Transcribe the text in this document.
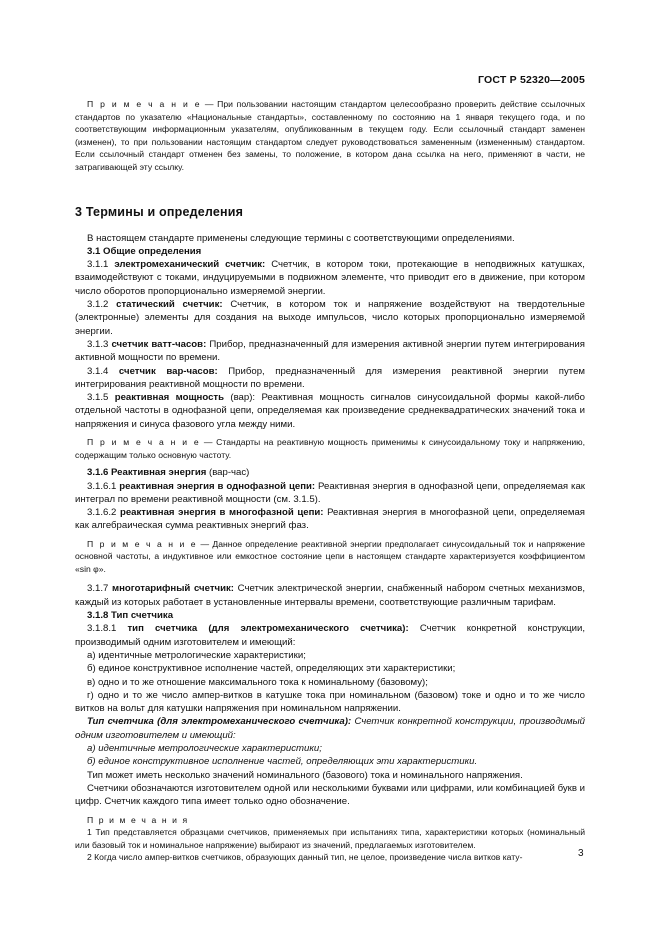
ГОСТ Р 52320—2005

П р и м е ч а н и е — При пользовании настоящим стандартом целесообразно проверить действие ссылочных стандартов по указателю «Национальные стандарты», составленному по состоянию на 1 января текущего года, и по соответствующим информационным указателям, опубликованным в текущем году. Если ссылочный стандарт заменен (изменен), то при пользовании настоящим стандартом следует руководствоваться замененным (измененным) стандартом. Если ссылочный стандарт отменен без замены, то положение, в котором дана ссылка на него, применяют в части, не затрагивающей эту ссылку.

3 Термины и определения

В настоящем стандарте применены следующие термины с соответствующими определениями.

3.1 Общие определения

3.1.1 электромеханический счетчик: Счетчик, в котором токи, протекающие в неподвижных катушках, взаимодействуют с токами, индуцируемыми в подвижном элементе, что приводит его в движение, при котором число оборотов пропорционально измеряемой энергии.

3.1.2 статический счетчик: Счетчик, в котором ток и напряжение воздействуют на твердотельные (электронные) элементы для создания на выходе импульсов, число которых пропорционально измеряемой энергии.

3.1.3 счетчик ватт-часов: Прибор, предназначенный для измерения активной энергии путем интегрирования активной мощности по времени.

3.1.4 счетчик вар-часов: Прибор, предназначенный для измерения реактивной энергии путем интегрирования реактивной мощности по времени.

3.1.5 реактивная мощность (вар): Реактивная мощность сигналов синусоидальной формы какой-либо отдельной частоты в однофазной цепи, определяемая как произведение среднеквадратических значений тока и напряжения и синуса фазового угла между ними.

П р и м е ч а н и е — Стандарты на реактивную мощность применимы к синусоидальному току и напряжению, содержащим только основную частоту.

3.1.6 Реактивная энергия (вар-час)

3.1.6.1 реактивная энергия в однофазной цепи: Реактивная энергия в однофазной цепи, определяемая как интеграл по времени реактивной мощности (см. 3.1.5).

3.1.6.2 реактивная энергия в многофазной цепи: Реактивная энергия в многофазной цепи, определяемая как алгебраическая сумма реактивных энергий фаз.

П р и м е ч а н и е — Данное определение реактивной энергии предполагает синусоидальный ток и напряжение основной частоты, а индуктивное или емкостное состояние цепи в настоящем стандарте характеризуется коэффициентом «sin φ».

3.1.7 многотарифный счетчик: Счетчик электрической энергии, снабженный набором счетных механизмов, каждый из которых работает в установленные интервалы времени, соответствующие различным тарифам.

3.1.8 Тип счетчика

3.1.8.1 тип счетчика (для электромеханического счетчика): Счетчик конкретной конструкции, производимый одним изготовителем и имеющий:

а) идентичные метрологические характеристики;

б) единое конструктивное исполнение частей, определяющих эти характеристики;

в) одно и то же отношение максимального тока к номинальному (базовому);

г) одно и то же число ампер-витков в катушке тока при номинальном (базовом) токе и одно и то же число витков на вольт для катушки напряжения при номинальном напряжении.

Тип счетчика (для электромеханического счетчика): Счетчик конкретной конструкции, производимый одним изготовителем и имеющий:

а) идентичные метрологические характеристики;

б) единое конструктивное исполнение частей, определяющих эти характеристики.

Тип может иметь несколько значений номинального (базового) тока и номинального напряжения.

Счетчики обозначаются изготовителем одной или несколькими буквами или цифрами, или комбинацией букв и цифр. Счетчик каждого типа имеет только одно обозначение.

П р и м е ч а н и я

1 Тип представляется образцами счетчиков, применяемых при испытаниях типа, характеристики которых (номинальный или базовый ток и номинальное напряжение) выбирают из значений, предлагаемых изготовителем.

2 Когда число ампер-витков счетчиков, образующих данный тип, не целое, произведение числа витков кату-	3
